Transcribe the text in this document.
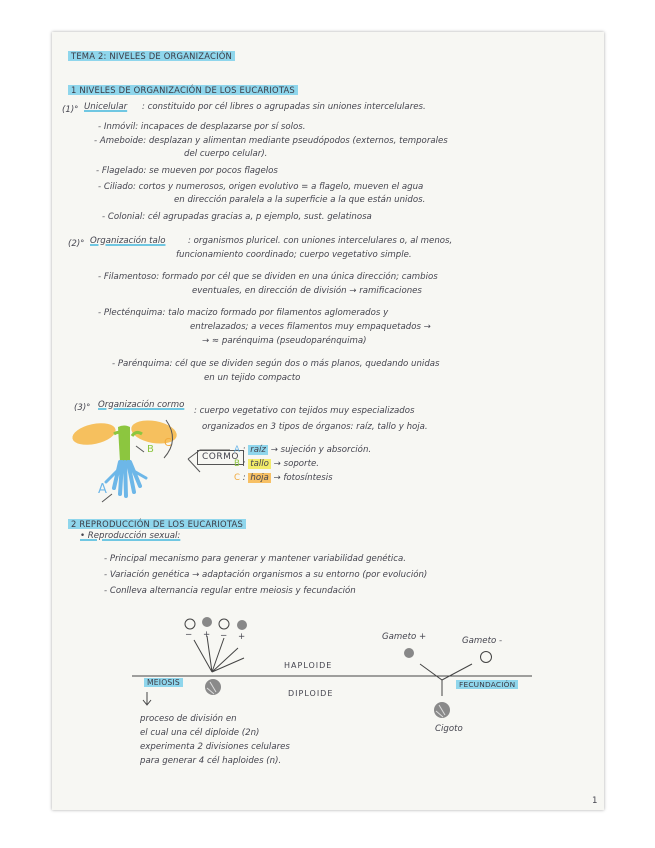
TEMA 2: NIVELES DE ORGANIZACIÓN
1 NIVELES DE ORGANIZACIÓN DE LOS EUCARIOTAS
(1)° Unicelular : constituido por cél libres o agrupadas sin uniones intercelulares.
- Inmóvil: incapaces de desplazarse por sí solos.
- Ameboide: desplazan y alimentan mediante pseudópodos (externos, temporales
del cuerpo celular).
- Flagelado: se mueven por pocos flagelos
- Ciliado: cortos y numerosos, origen evolutivo = a flagelo, mueven el agua
en dirección paralela a la superficie a la que están unidos.
- Colonial: cél agrupadas gracias a, p ejemplo, sust. gelatinosa
(2)° Organización talo	: organismos pluricel. con uniones intercelulares o, al menos,
funcionamiento coordinado; cuerpo vegetativo simple.
- Filamentoso: formado por cél que se dividen en una única dirección; cambios
eventuales, en dirección de división → ramificaciones
- Plecténquima: talo macizo formado por filamentos aglomerados y
entrelazados; a veces filamentos muy empaquetados →
→ ≈ parénquima (pseudoparénquima)
- Parénquima: cél que se dividen según dos o más planos, quedando unidas
en un tejido compacto
(3)° Organización cormo
: cuerpo vegetativo con tejidos muy especializados
organizados en 3 tipos de órganos: raíz, tallo y hoja.
A
B
C
CORMO
A : raíz → sujeción y absorción.
B : tallo → soporte.
C : hoja → fotosíntesis
2 REPRODUCCIÓN DE LOS EUCARIOTAS
• Reproducción sexual:
- Principal mecanismo para generar y mantener variabilidad genética.
- Variación genética → adaptación organismos a su entorno (por evolución)
- Conlleva alternancia regular entre meiosis y fecundación
− + − +	Gameto +	Gameto -
HAPLOIDE
DIPLOIDE
MEIOSIS	FECUNDACIÓN
Cigoto
proceso de división en
el cual una cél diploide (2n)
experimenta 2 divisiones celulares
para generar 4 cél haploides (n).
1
